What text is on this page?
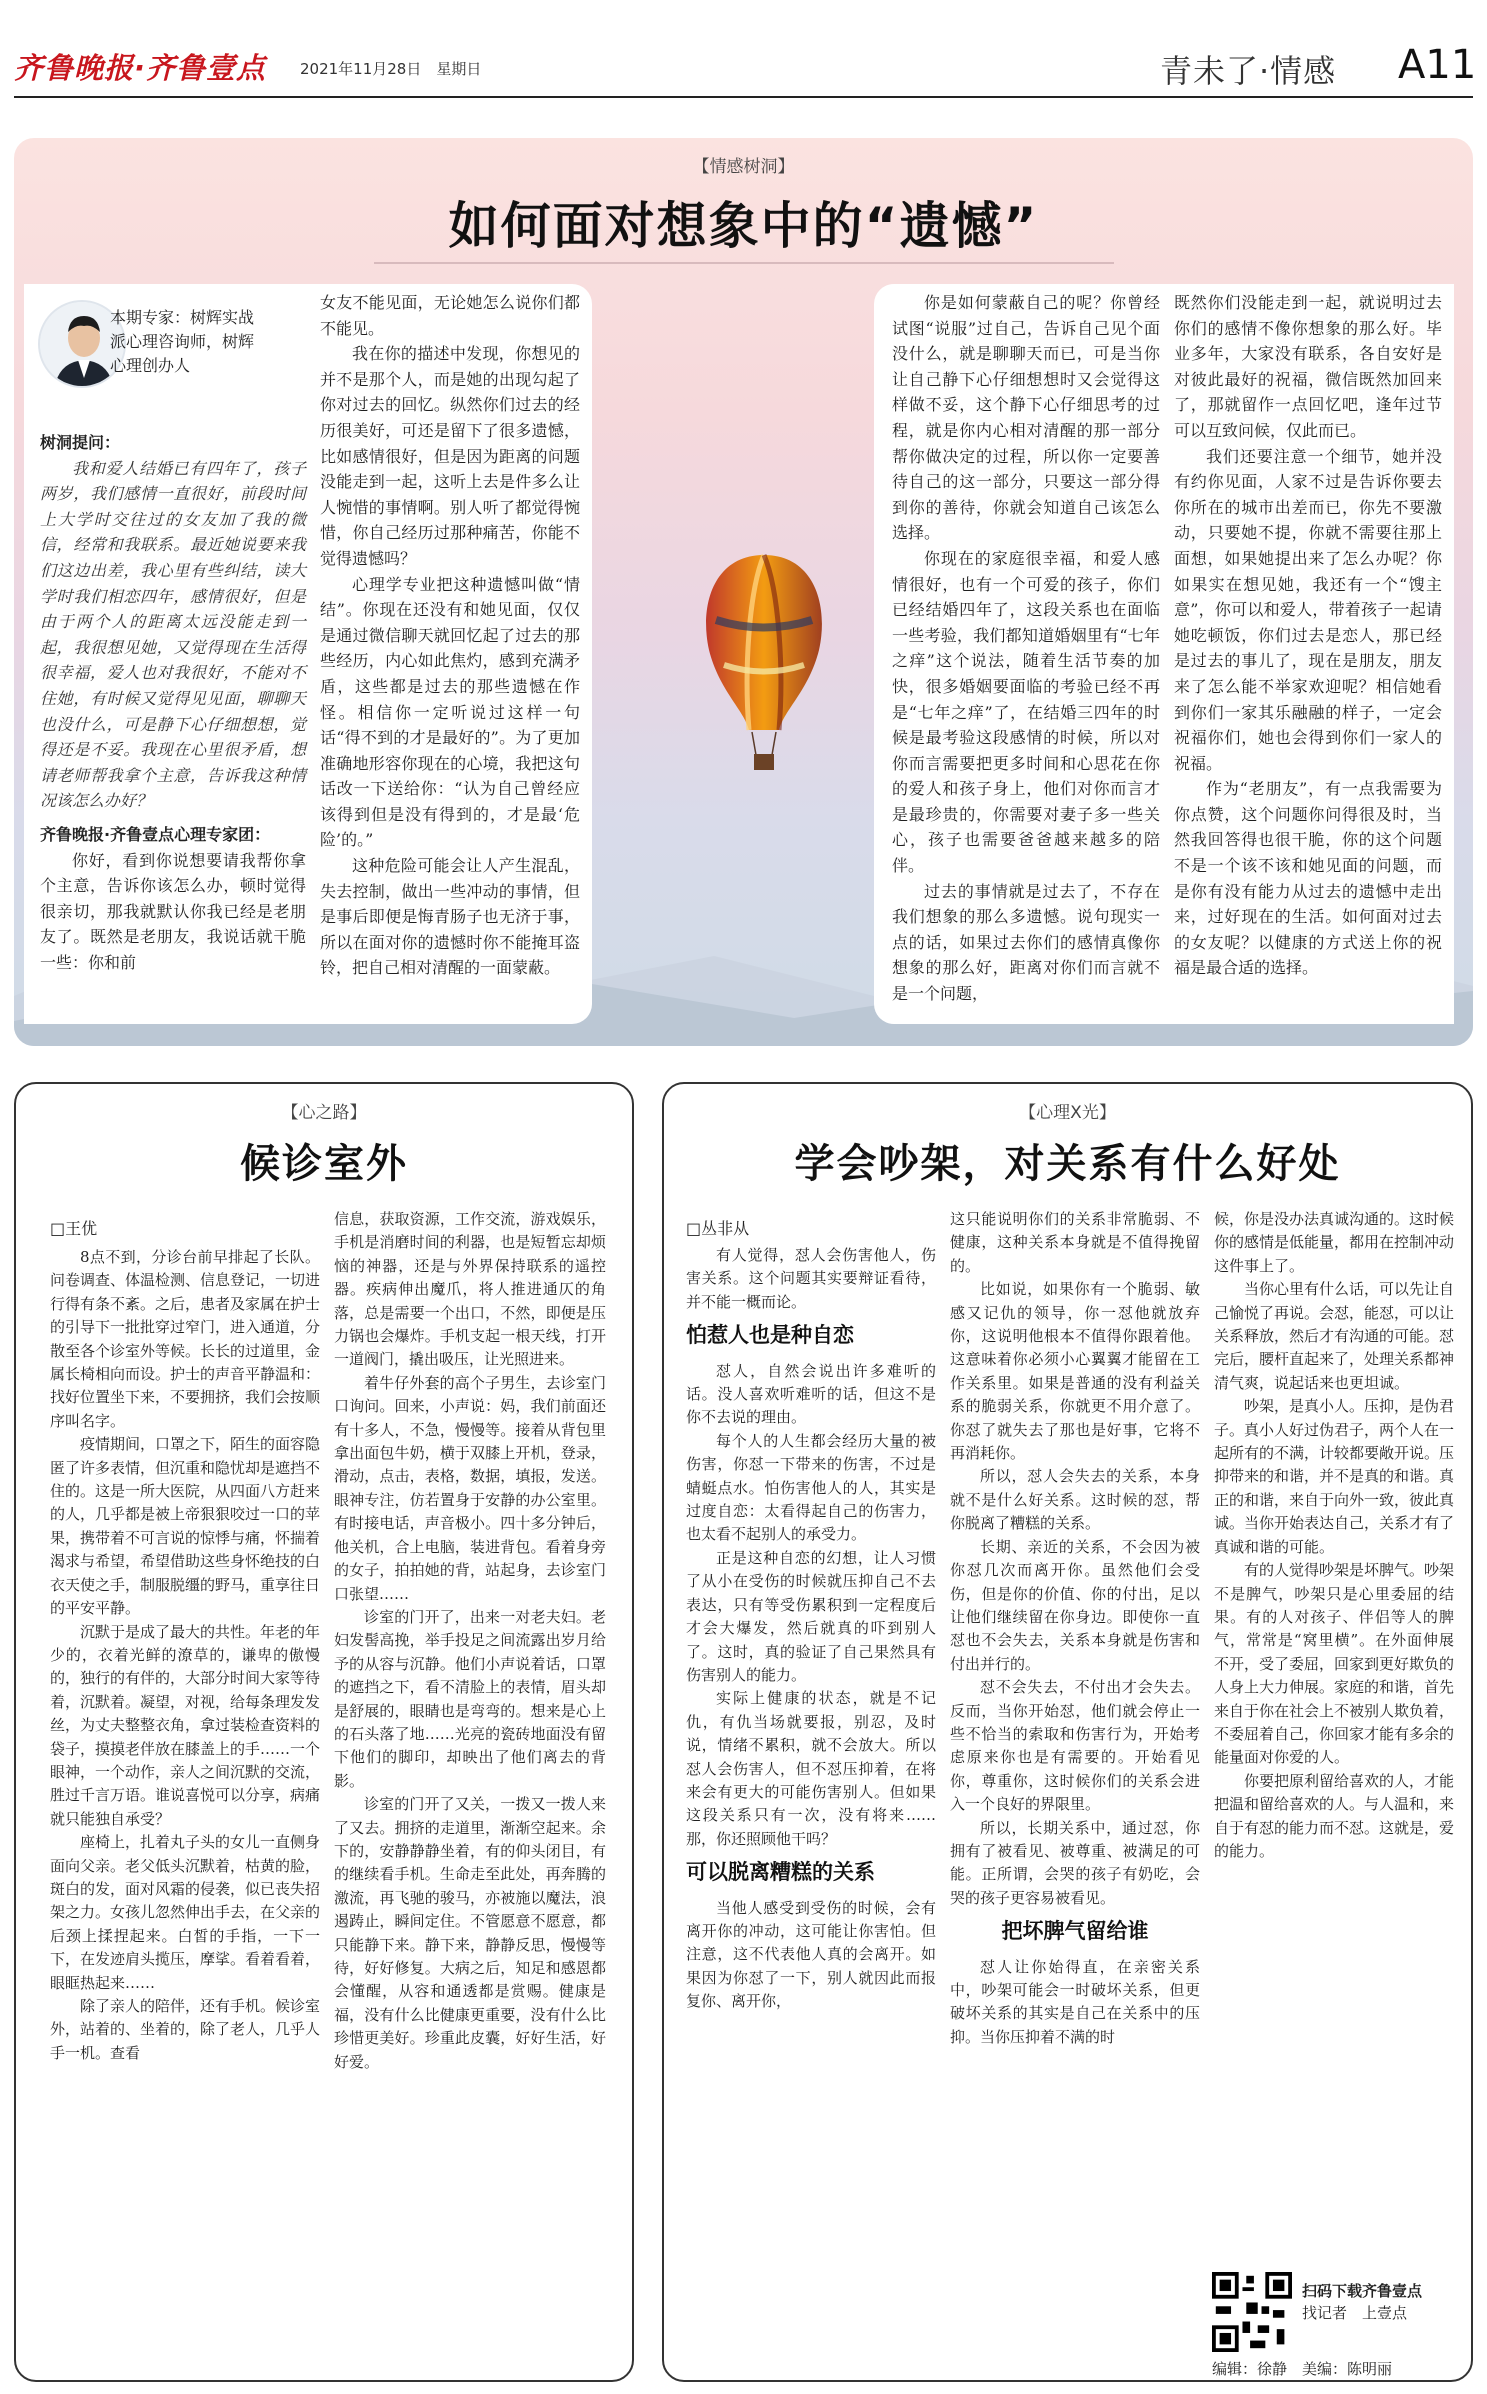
齐鲁晚报·齐鲁壹点 2021年11月28日　星期日	青未了·情感 A11
【情感树洞】
如何面对想象中的“遗憾”
本期专家：树辉实战派心理咨询师，树辉心理创办人

树洞提问：

我和爱人结婚已有四年了，孩子两岁，我们感情一直很好，前段时间上大学时交往过的女友加了我的微信，经常和我联系。最近她说要来我们这边出差，我心里有些纠结，读大学时我们相恋四年，感情很好，但是由于两个人的距离太远没能走到一起，我很想见她，又觉得现在生活得很幸福，爱人也对我很好，不能对不住她，有时候又觉得见见面，聊聊天也没什么，可是静下心仔细想想，觉得还是不妥。我现在心里很矛盾，想请老师帮我拿个主意，告诉我这种情况该怎么办好？

齐鲁晚报·齐鲁壹点心理专家团：

你好，看到你说想要请我帮你拿个主意，告诉你该怎么办，顿时觉得很亲切，那我就默认你我已经是老朋友了。既然是老朋友，我说话就干脆一些：你和前

女友不能见面，无论她怎么说你们都不能见。

我在你的描述中发现，你想见的并不是那个人，而是她的出现勾起了你对过去的回忆。纵然你们过去的经历很美好，可还是留下了很多遗憾，比如感情很好，但是因为距离的问题没能走到一起，这听上去是件多么让人惋惜的事情啊。别人听了都觉得惋惜，你自己经历过那种痛苦，你能不觉得遗憾吗？

心理学专业把这种遗憾叫做“情结”。你现在还没有和她见面，仅仅是通过微信聊天就回忆起了过去的那些经历，内心如此焦灼，感到充满矛盾，这些都是过去的那些遗憾在作怪。相信你一定听说过这样一句话“得不到的才是最好的”。为了更加准确地形容你现在的心境，我把这句话改一下送给你：“认为自己曾经应该得到但是没有得到的，才是最‘危险’的。”

这种危险可能会让人产生混乱，失去控制，做出一些冲动的事情，但是事后即便是悔青肠子也无济于事，所以在面对你的遗憾时你不能掩耳盗铃，把自己相对清醒的一面蒙蔽。

你是如何蒙蔽自己的呢？你曾经试图“说服”过自己，告诉自己见个面没什么，就是聊聊天而已，可是当你让自己静下心仔细想想时又会觉得这样做不妥，这个静下心仔细思考的过程，就是你内心相对清醒的那一部分帮你做决定的过程，所以你一定要善待自己的这一部分，只要这一部分得到你的善待，你就会知道自己该怎么选择。

你现在的家庭很幸福，和爱人感情很好，也有一个可爱的孩子，你们已经结婚四年了，这段关系也在面临一些考验，我们都知道婚姻里有“七年之痒”这个说法，随着生活节奏的加快，很多婚姻要面临的考验已经不再是“七年之痒”了，在结婚三四年的时候是最考验这段感情的时候，所以对你而言需要把更多时间和心思花在你的爱人和孩子身上，他们对你而言才是最珍贵的，你需要对妻子多一些关心，孩子也需要爸爸越来越多的陪伴。

过去的事情就是过去了，不存在我们想象的那么多遗憾。说句现实一点的话，如果过去你们的感情真像你想象的那么好，距离对你们而言就不是一个问题，

既然你们没能走到一起，就说明过去你们的感情不像你想象的那么好。毕业多年，大家没有联系，各自安好是对彼此最好的祝福，微信既然加回来了，那就留作一点回忆吧，逢年过节可以互致问候，仅此而已。

我们还要注意一个细节，她并没有约你见面，人家不过是告诉你要去你所在的城市出差而已，你先不要激动，只要她不提，你就不需要往那上面想，如果她提出来了怎么办呢？你如果实在想见她，我还有一个“馊主意”，你可以和爱人，带着孩子一起请她吃顿饭，你们过去是恋人，那已经是过去的事儿了，现在是朋友，朋友来了怎么能不举家欢迎呢？相信她看到你们一家其乐融融的样子，一定会祝福你们，她也会得到你们一家人的祝福。

作为“老朋友”，有一点我需要为你点赞，这个问题你问得很及时，当然我回答得也很干脆，你的这个问题不是一个该不该和她见面的问题，而是你有没有能力从过去的遗憾中走出来，过好现在的生活。如何面对过去的女友呢？以健康的方式送上你的祝福是最合适的选择。

【心之路】
候诊室外
□王优

8点不到，分诊台前早排起了长队。问卷调查、体温检测、信息登记，一切进行得有条不紊。之后，患者及家属在护士的引导下一批批穿过窄门，进入通道，分散至各个诊室外等候。长长的过道里，金属长椅相向而设。护士的声音平静温和：找好位置坐下来，不要拥挤，我们会按顺序叫名字。

疫情期间，口罩之下，陌生的面容隐匿了许多表情，但沉重和隐忧却是遮挡不住的。这是一所大医院，从四面八方赶来的人，几乎都是被上帝狠狠咬过一口的苹果，携带着不可言说的惊悸与痛，怀揣着渴求与希望，希望借助这些身怀绝技的白衣天使之手，制服脱缰的野马，重享往日的平安平静。

沉默于是成了最大的共性。年老的年少的，衣着光鲜的潦草的，谦卑的傲慢的，独行的有伴的，大部分时间大家等待着，沉默着。凝望，对视，给每条理发发丝，为丈夫整整衣角，拿过装检查资料的袋子，摸摸老伴放在膝盖上的手……一个眼神，一个动作，亲人之间沉默的交流，胜过千言万语。谁说喜悦可以分享，病痛就只能独自承受？

座椅上，扎着丸子头的女儿一直侧身面向父亲。老父低头沉默着，枯黄的脸，斑白的发，面对风霜的侵袭，似已丧失招架之力。女孩儿忽然伸出手去，在父亲的后颈上揉捏起来。白皙的手指，一下一下，在发迹肩头揽压，摩挲。看着看着，眼眶热起来……

除了亲人的陪伴，还有手机。候诊室外，站着的、坐着的，除了老人，几乎人手一机。查看

信息，获取资源，工作交流，游戏娱乐，手机是消磨时间的利器，也是短暂忘却烦恼的神器，还是与外界保持联系的遥控器。疾病伸出魔爪，将人推进通仄的角落，总是需要一个出口，不然，即便是压力锅也会爆炸。手机支起一根天线，打开一道阀门，撬出吸压，让光照进来。

着牛仔外套的高个子男生，去诊室门口询问。回来，小声说：妈，我们前面还有十多人，不急，慢慢等。接着从背包里拿出面包牛奶，横于双膝上开机，登录，滑动，点击，表格，数据，填报，发送。眼神专注，仿若置身于安静的办公室里。有时接电话，声音极小。四十多分钟后，他关机，合上电脑，装进背包。看着身旁的女子，拍拍她的背，站起身，去诊室门口张望……

诊室的门开了，出来一对老夫妇。老妇发髻高挽，举手投足之间流露出岁月给予的从容与沉静。他们小声说着话，口罩的遮挡之下，看不清脸上的表情，眉头却是舒展的，眼睛也是弯弯的。想来是心上的石头落了地……光亮的瓷砖地面没有留下他们的脚印，却映出了他们离去的背影。

诊室的门开了又关，一拨又一拨人来了又去。拥挤的走道里，渐渐空起来。余下的，安静静静坐着，有的仰头闭目，有的继续看手机。生命走至此处，再奔腾的激流，再飞驰的骏马，亦被施以魔法，浪遏踌止，瞬间定住。不管愿意不愿意，都只能静下来。静下来，静静反思，慢慢等待，好好修复。大病之后，知足和感恩都会懂醒，从容和通透都是赏赐。健康是福，没有什么比健康更重要，没有什么比珍惜更美好。珍重此皮囊，好好生活，好好爱。

【心理X光】
学会吵架，对关系有什么好处
□丛非从

有人觉得，怼人会伤害他人，伤害关系。这个问题其实要辩证看待，并不能一概而论。

怕惹人也是种自恋

怼人，自然会说出许多难听的话。没人喜欢听难听的话，但这不是你不去说的理由。

每个人的人生都会经历大量的被伤害，你怼一下带来的伤害，不过是蜻蜓点水。怕伤害他人的人，其实是过度自恋：太看得起自己的伤害力，也太看不起别人的承受力。

正是这种自恋的幻想，让人习惯了从小在受伤的时候就压抑自己不去表达，只有等受伤累积到一定程度后才会大爆发，然后就真的吓到别人了。这时，真的验证了自己果然具有伤害别人的能力。

实际上健康的状态，就是不记仇，有仇当场就要报，别忍，及时说，情绪不累积，就不会放大。所以怼人会伤害人，但不怼压抑着，在将来会有更大的可能伤害别人。但如果这段关系只有一次，没有将来……那，你还照顾他干吗？

可以脱离糟糕的关系

当他人感受到受伤的时候，会有离开你的冲动，这可能让你害怕。但注意，这不代表他人真的会离开。如果因为你怼了一下，别人就因此而报复你、离开你，

这只能说明你们的关系非常脆弱、不健康，这种关系本身就是不值得挽留的。

比如说，如果你有一个脆弱、敏感又记仇的领导，你一怼他就放弃你，这说明他根本不值得你跟着他。这意味着你必须小心翼翼才能留在工作关系里。如果是普通的没有利益关系的脆弱关系，你就更不用介意了。你怼了就失去了那也是好事，它将不再消耗你。

所以，怼人会失去的关系，本身就不是什么好关系。这时候的怼，帮你脱离了糟糕的关系。

长期、亲近的关系，不会因为被你怼几次而离开你。虽然他们会受伤，但是你的价值、你的付出，足以让他们继续留在你身边。即使你一直怼也不会失去，关系本身就是伤害和付出并行的。

怼不会失去，不付出才会失去。反而，当你开始怼，他们就会停止一些不恰当的索取和伤害行为，开始考虑原来你也是有需要的。开始看见你，尊重你，这时候你们的关系会进入一个良好的界限里。

所以，长期关系中，通过怼，你拥有了被看见、被尊重、被满足的可能。正所谓，会哭的孩子有奶吃，会哭的孩子更容易被看见。

把坏脾气留给谁

怼人让你始得直，在亲密关系中，吵架可能会一时破坏关系，但更破坏关系的其实是自己在关系中的压抑。当你压抑着不满的时

候，你是没办法真诚沟通的。这时候你的感情是低能量，都用在控制冲动这件事上了。

当你心里有什么话，可以先让自己愉悦了再说。会怼，能怼，可以让关系释放，然后才有沟通的可能。怼完后，腰杆直起来了，处理关系都神清气爽，说起话来也更坦诚。

吵架，是真小人。压抑，是伪君子。真小人好过伪君子，两个人在一起所有的不满，计较都要敞开说。压抑带来的和谐，并不是真的和谐。真正的和谐，来自于向外一致，彼此真诚。当你开始表达自己，关系才有了真诚和谐的可能。

有的人觉得吵架是坏脾气。吵架不是脾气，吵架只是心里委屈的结果。有的人对孩子、伴侣等人的脾气，常常是“窝里横”。在外面伸展不开，受了委屈，回家到更好欺负的人身上大力伸展。家庭的和谐，首先来自于你在社会上不被别人欺负着，不委屈着自己，你回家才能有多余的能量面对你爱的人。

你要把原利留给喜欢的人，才能把温和留给喜欢的人。与人温和，来自于有怼的能力而不怼。这就是，爱的能力。

扫码下载齐鲁壹点
找记者　上壹点
编辑：徐静　美编：陈明丽
